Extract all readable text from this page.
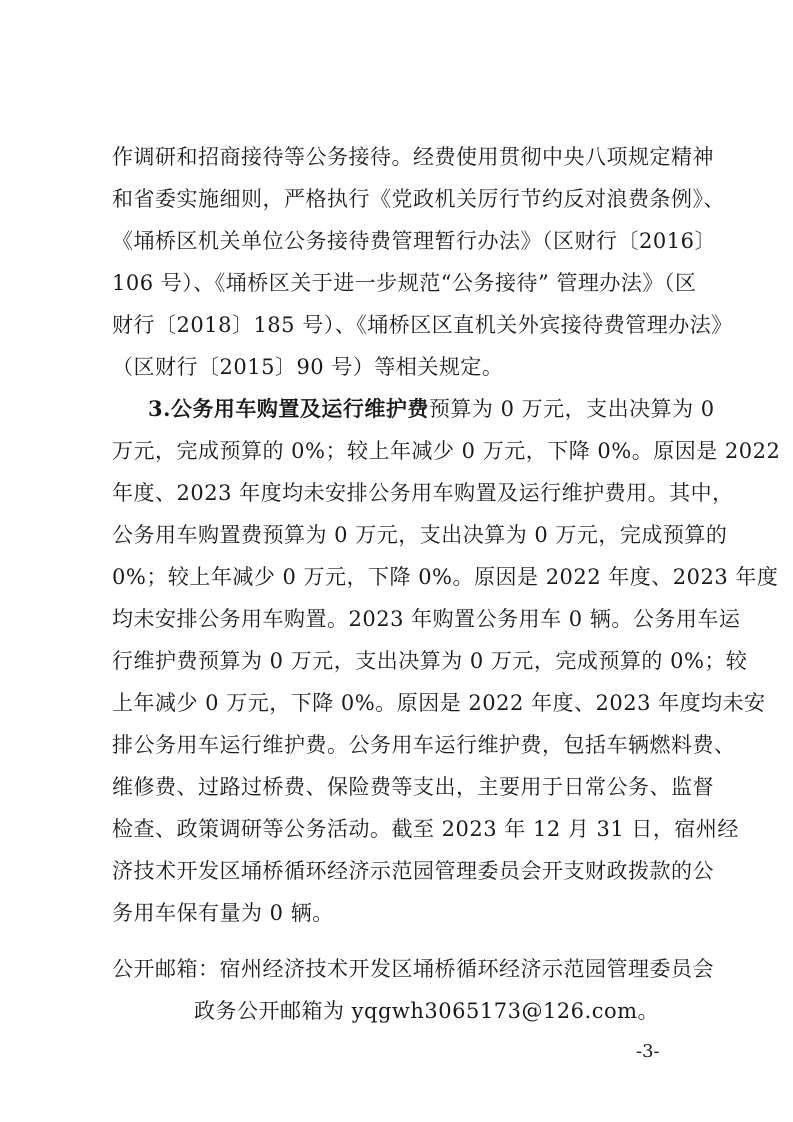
作调研和招商接待等公务接待。经费使用贯彻中央八项规定精神
和省委实施细则，严格执行《党政机关厉行节约反对浪费条例》、
《埇桥区机关单位公务接待费管理暂行办法》（区财行〔2016〕
106 号）、《埇桥区关于进一步规范“公务接待” 管理办法》（区
财行〔2018〕185 号）、《埇桥区区直机关外宾接待费管理办法》
（区财行〔2015〕90 号）等相关规定。
3.公务用车购置及运行维护费预算为 0 万元，支出决算为 0
万元，完成预算的 0%；较上年减少 0 万元，下降 0%。原因是 2022
年度、2023 年度均未安排公务用车购置及运行维护费用。其中，
公务用车购置费预算为 0 万元，支出决算为 0 万元，完成预算的
0%；较上年减少 0 万元，下降 0%。原因是 2022 年度、2023 年度
均未安排公务用车购置。2023 年购置公务用车 0 辆。公务用车运
行维护费预算为 0 万元，支出决算为 0 万元，完成预算的 0%；较
上年减少 0 万元，下降 0%。原因是 2022 年度、2023 年度均未安
排公务用车运行维护费。公务用车运行维护费，包括车辆燃料费、
维修费、过路过桥费、保险费等支出，主要用于日常公务、监督
检查、政策调研等公务活动。截至 2023 年 12 月 31 日，宿州经
济技术开发区埇桥循环经济示范园管理委员会开支财政拨款的公
务用车保有量为 0 辆。
公开邮箱：宿州经济技术开发区埇桥循环经济示范园管理委员会
政务公开邮箱为 yqgwh3065173@126.com。
-3-
